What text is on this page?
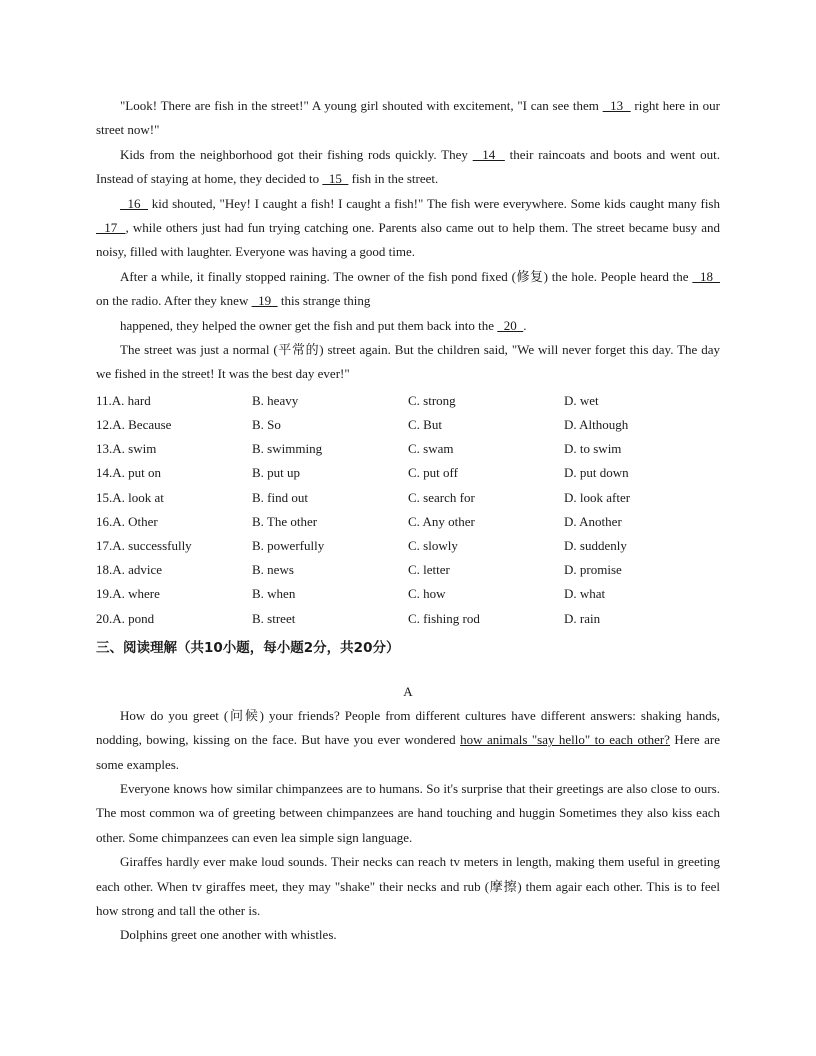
"Look! There are fish in the street!" A young girl shouted with excitement, "I can see them   13   right here in our street now!"

Kids from the neighborhood got their fishing rods quickly. They   14   their raincoats and boots and went out. Instead of staying at home, they decided to   15   fish in the street.

16   kid shouted, "Hey! I caught a fish! I caught a fish!" The fish were everywhere. Some kids caught many fish   17  , while others just had fun trying catching one. Parents also came out to help them. The street became busy and noisy, filled with laughter. Everyone was having a good time.

After a while, it finally stopped raining. The owner of the fish pond fixed (修复) the hole. People heard the   18   on the radio. After they knew   19   this strange thing

happened, they helped the owner get the fish and put them back into the   20  .

The street was just a normal (平常的) street again. But the children said, "We will never forget this day. The day we fished in the street! It was the best day ever!"

11.A. hard	B. heavy	C. strong	D. wet
12.A. Because	B. So	C. But	D. Although
13.A. swim	B. swimming	C. swam	D. to swim
14.A. put on	B. put up	C. put off	D. put down
15.A. look at	B. find out	C. search for	D. look after
16.A. Other	B. The other	C. Any other	D. Another
17.A. successfully	B. powerfully	C. slowly	D. suddenly
18.A. advice	B. news	C. letter	D. promise
19.A. where	B. when	C. how	D. what
20.A. pond	B. street	C. fishing rod	D. rain
三、阅读理解（共10小题，每小题2分，共20分）
A

How do you greet (问候) your friends? People from different cultures have different answers: shaking hands, nodding, bowing, kissing on the face. But have you ever wondered how animals "say hello" to each other? Here are some examples.

Everyone knows how similar chimpanzees are to humans. So it's surprise that their greetings are also close to ours. The most common wa of greeting between chimpanzees are hand touching and huggin Sometimes they also kiss each other. Some chimpanzees can even lea simple sign language.

Giraffes hardly ever make loud sounds. Their necks can reach tv meters in length, making them useful in greeting each other. When tv giraffes meet, they may "shake" their necks and rub (摩擦) them agair each other. This is to feel how strong and tall the other is.

Dolphins greet one another with whistles.
